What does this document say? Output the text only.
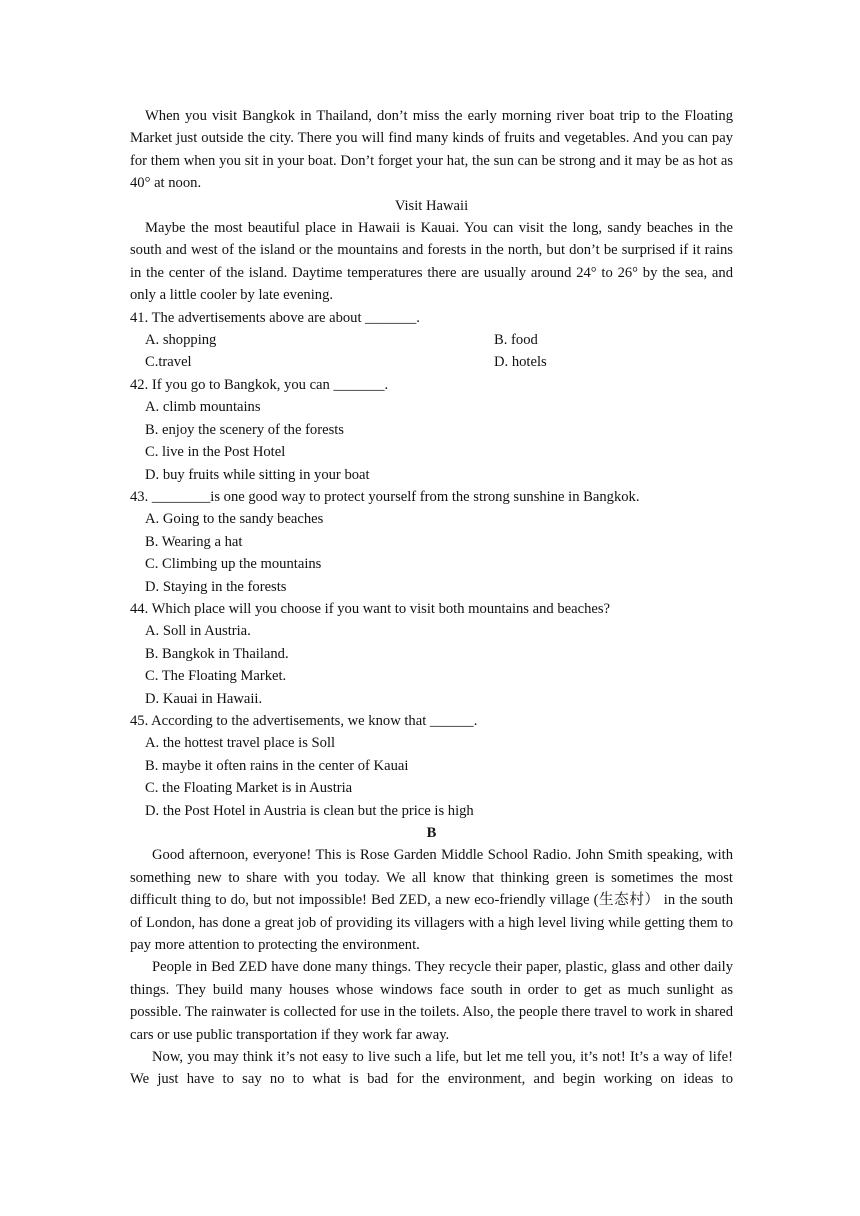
When you visit Bangkok in Thailand, don’t miss the early morning river boat trip to the Floating Market just outside the city. There you will find many kinds of fruits and vegetables. And you can pay for them when you sit in your boat. Don’t forget your hat, the sun can be strong and it may be as hot as 40° at noon.

Visit Hawaii

Maybe the most beautiful place in Hawaii is Kauai. You can visit the long, sandy beaches in the south and west of the island or the mountains and forests in the north, but don’t be surprised if it rains in the center of the island. Daytime temperatures there are usually around 24° to 26° by the sea, and only a little cooler by late evening.

41. The advertisements above are about _______.

A. shopping	B. food
C.travel	D. hotels

42. If you go to Bangkok, you can _______.

A. climb mountains

B. enjoy the scenery of the forests

C. live in the Post Hotel

D. buy fruits while sitting in your boat

43. ________is one good way to protect yourself from the strong sunshine in Bangkok.

A. Going to the sandy beaches

B. Wearing a hat

C. Climbing up the mountains

D. Staying in the forests

44. Which place will you choose if you want to visit both mountains and beaches?

A. Soll in Austria.

B. Bangkok in Thailand.

C. The Floating Market.

D. Kauai in Hawaii.

45. According to the advertisements, we know that ______.

A. the hottest travel place is Soll

B. maybe it often rains in the center of Kauai

C. the Floating Market is in Austria

D. the Post Hotel in Austria is clean but the price is high

B

Good afternoon, everyone! This is Rose Garden Middle School Radio. John Smith speaking, with something new to share with you today. We all know that thinking green is sometimes the most difficult thing to do, but not impossible! Bed ZED, a new eco-friendly village (生态村） in the south of London, has done a great job of providing its villagers with a high level living while getting them to pay more attention to protecting the environment.

People in Bed ZED have done many things. They recycle their paper, plastic, glass and other daily things. They build many houses whose windows face south in order to get as much sunlight as possible. The rainwater is collected for use in the toilets. Also, the people there travel to work in shared cars or use public transportation if they work far away.

Now, you may think it’s not easy to live such a life, but let me tell you, it’s not! It’s a way of life! We just have to say no to what is bad for the environment, and begin working on ideas to
